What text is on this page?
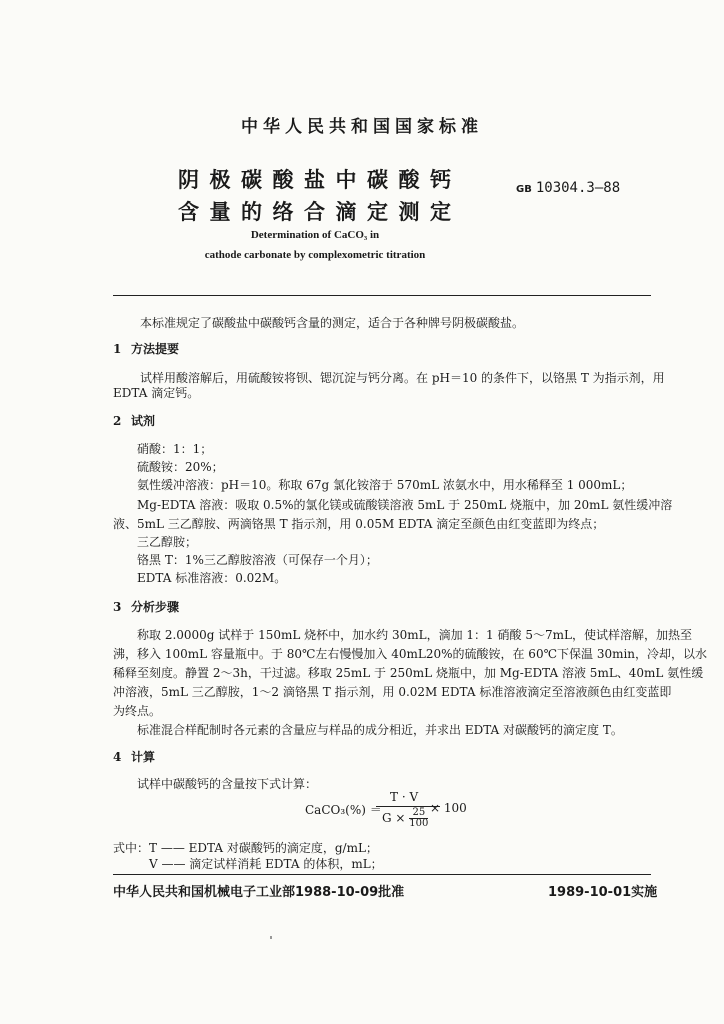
中华人民共和国国家标准
阴极碳酸盐中碳酸钙
含量的络合滴定测定
GB 10304.3—88
Determination of CaCO₃ in
cathode carbonate by complexometric titration
本标准规定了碳酸盐中碳酸钙含量的测定，适合于各种牌号阴极碳酸盐。
1 方法提要
试样用酸溶解后，用硫酸铵将钡、锶沉淀与钙分离。在 pH＝10 的条件下，以铬黑 T 为指示剂，用
EDTA 滴定钙。
2 试剂
硝酸：1：1；
硫酸铵：20%；
氨性缓冲溶液：pH＝10。称取 67g 氯化铵溶于 570mL 浓氨水中，用水稀释至 1 000mL；
Mg-EDTA 溶液：吸取 0.5%的氯化镁或硫酸镁溶液 5mL 于 250mL 烧瓶中，加 20mL 氨性缓冲溶
液、5mL 三乙醇胺、两滴铬黑 T 指示剂，用 0.05M EDTA 滴定至颜色由红变蓝即为终点；
三乙醇胺；
铬黑 T：1%三乙醇胺溶液（可保存一个月）；
EDTA 标准溶液：0.02M。
3 分析步骤
称取 2.0000g 试样于 150mL 烧杯中，加水约 30mL，滴加 1：1 硝酸 5～7mL，使试样溶解，加热至
沸，移入 100mL 容量瓶中。于 80℃左右慢慢加入 40mL20%的硫酸铵，在 60℃下保温 30min，冷却，以水
稀释至刻度。静置 2～3h，干过滤。移取 25mL 于 250mL 烧瓶中，加 Mg-EDTA 溶液 5mL、40mL 氨性缓
冲溶液，5mL 三乙醇胺，1～2 滴铬黑 T 指示剂，用 0.02M EDTA 标准溶液滴定至溶液颜色由红变蓝即
为终点。
标准混合样配制时各元素的含量应与样品的成分相近，并求出 EDTA 对碳酸钙的滴定度 T。
4 计算
试样中碳酸钙的含量按下式计算：
CaCO₃(%) ＝
T · V
$G \times \frac{25}{100} \times 100$
式中：T —— EDTA 对碳酸钙的滴定度，g/mL；
V —— 滴定试样消耗 EDTA 的体积，mL；
中华人民共和国机械电子工业部1988-10-09批准	1989-10-01实施
